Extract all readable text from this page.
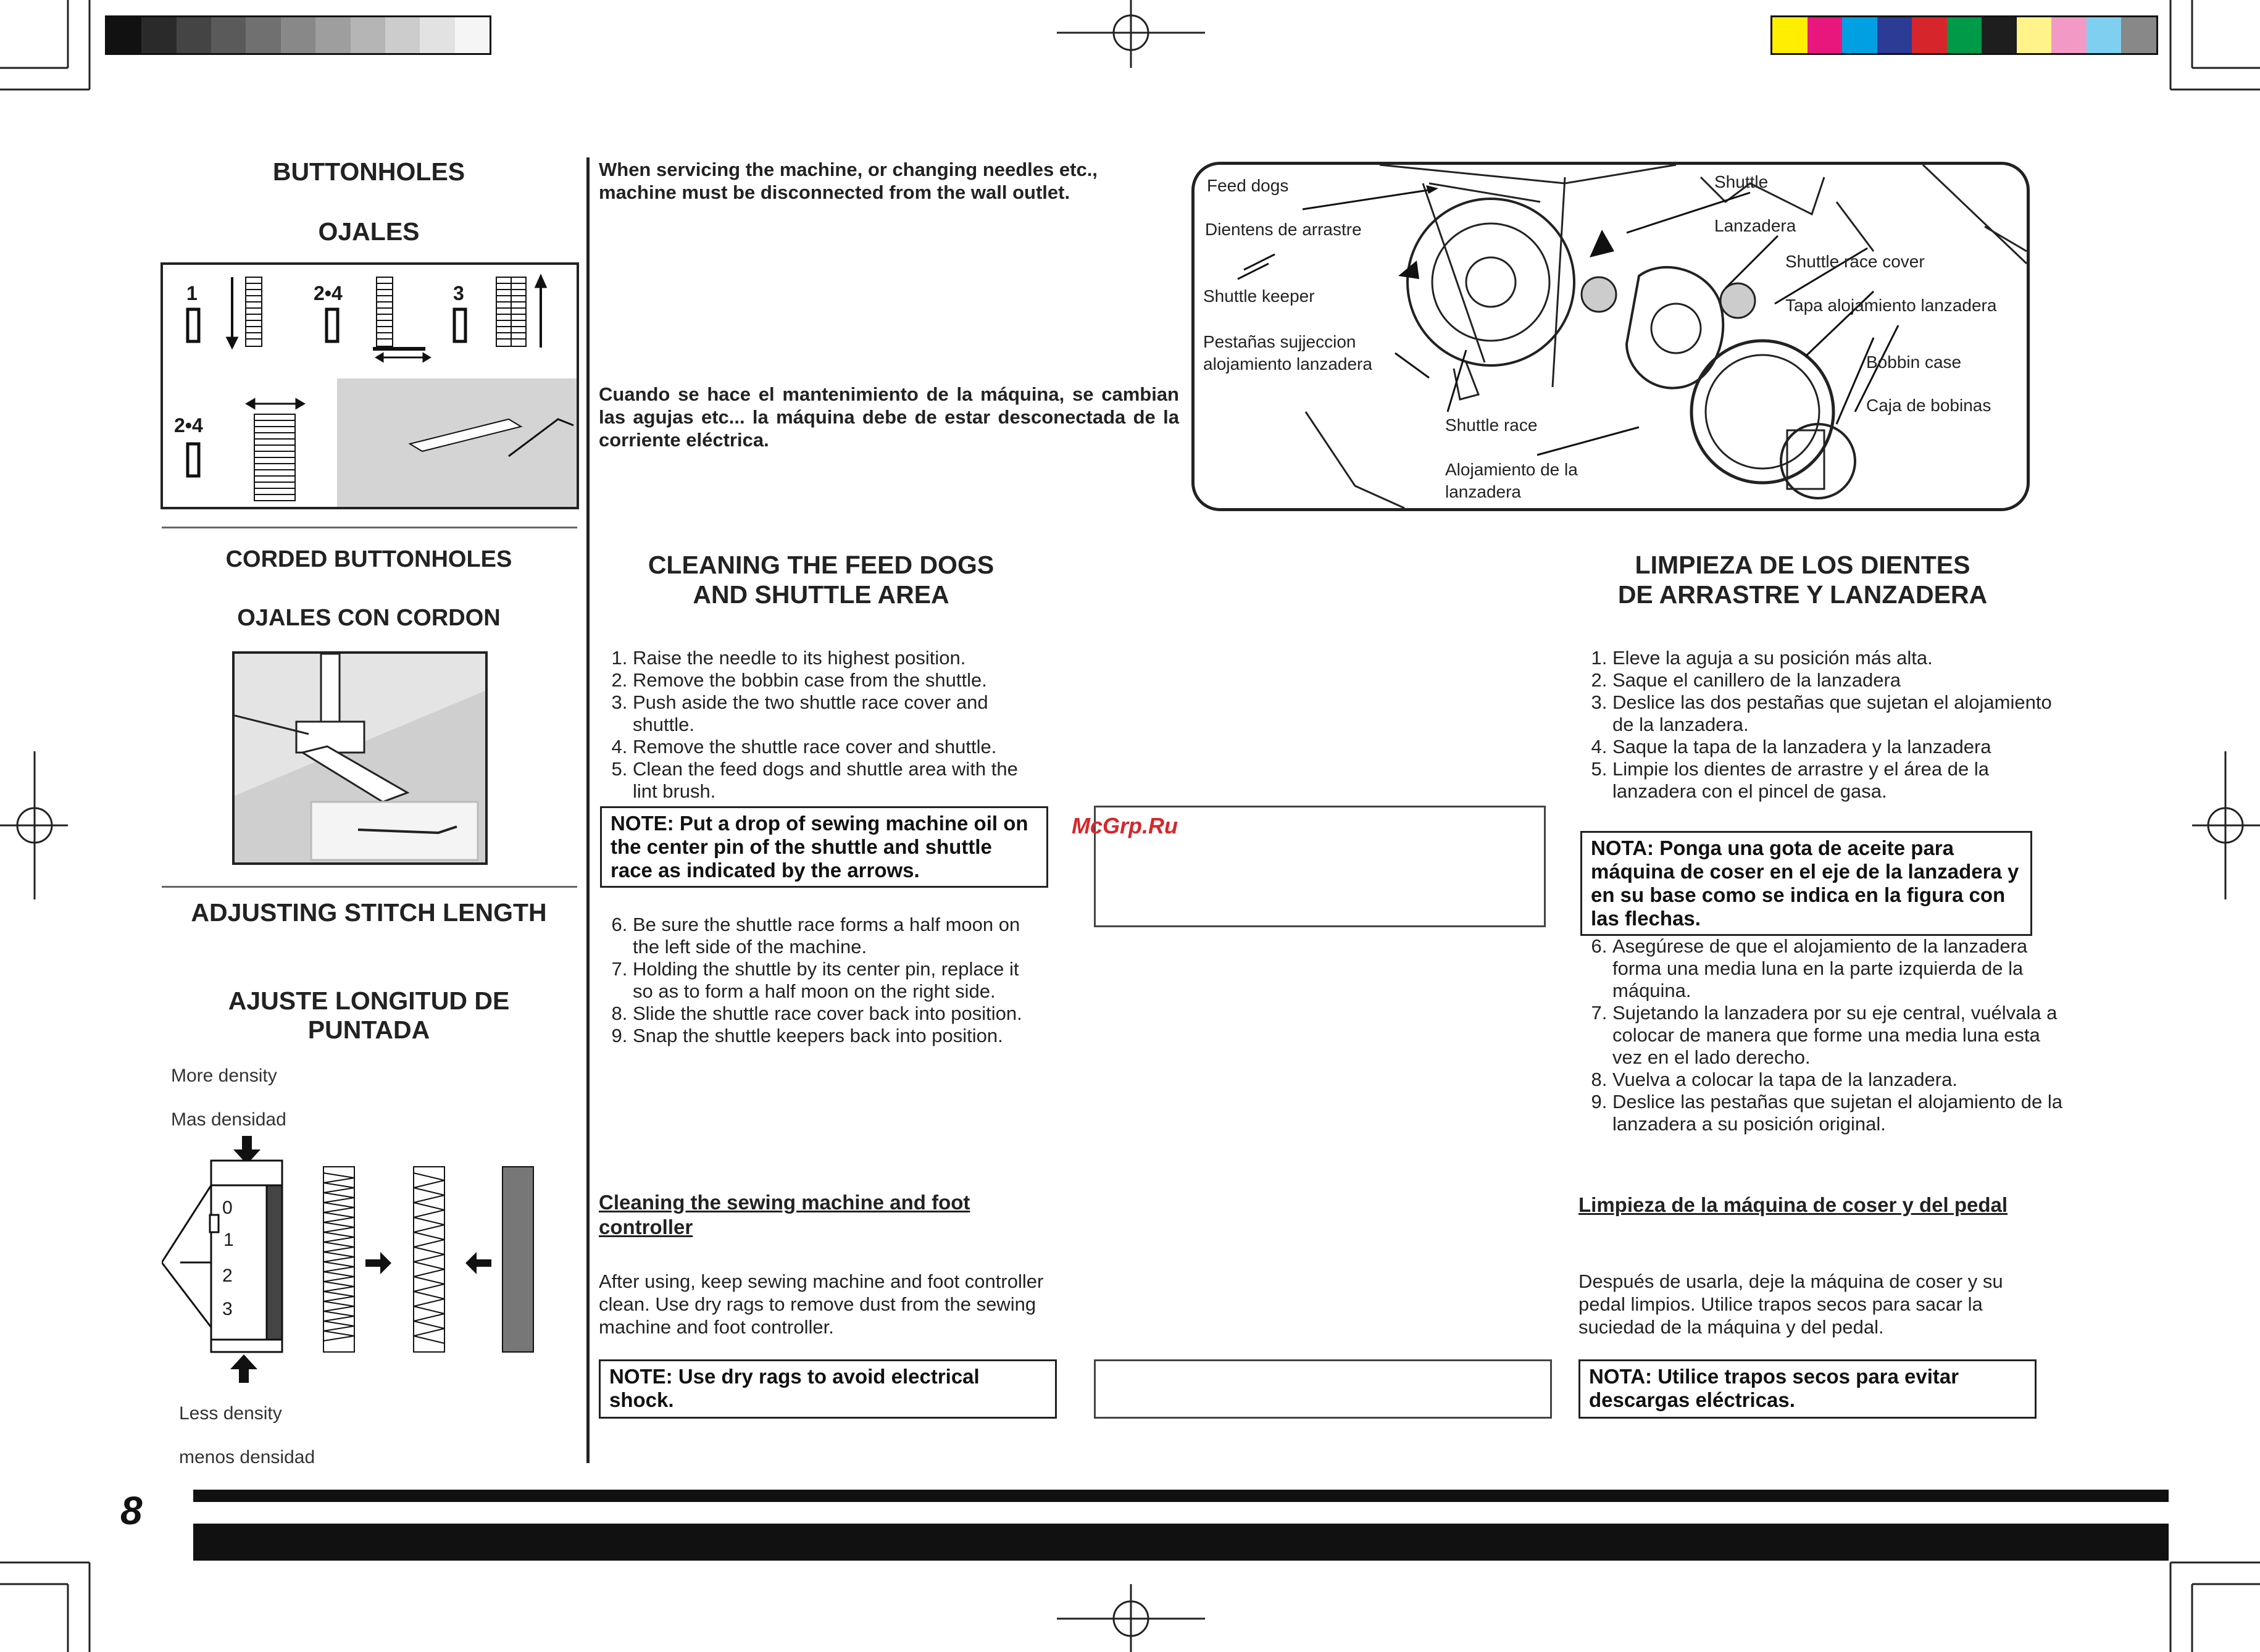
BUTTONHOLES
OJALES
1	2•4	3
2•4
CORDED BUTTONHOLES
OJALES CON CORDON
ADJUSTING STITCH LENGTH
AJUSTE LONGITUD DE
PUNTADA
More density
Mas densidad
0
1
2
3
Less density
menos densidad
When servicing the machine, or changing needles etc., machine must be disconnected from the wall outlet.
Cuando se hace el mantenimiento de la máquina, se cambian las agujas etc... la máquina debe de estar desconectada de la corriente eléctrica.
Feed dogs
Dientens de arrastre
Shuttle keeper
Pestañas sujjeccion
alojamiento lanzadera
Shuttle
Lanzadera
Shuttle race cover
Tapa alojamiento lanzadera
Bobbin case
Caja de bobinas
Shuttle race
Alojamiento de la
lanzadera
CLEANING THE FEED DOGS
AND SHUTTLE AREA
1. Raise the needle to its highest position.
2. Remove the bobbin case from the shuttle.
3. Push aside the two shuttle race cover and shuttle.
4. Remove the shuttle race cover and shuttle.
5. Clean the feed dogs and shuttle area with the lint brush.
NOTE: Put a drop of sewing machine oil on the center pin of the shuttle and shuttle race as indicated by the arrows.
6. Be sure the shuttle race forms a half moon on the left side of the machine.
7. Holding the shuttle by its center pin, replace it so as to form a half moon on the right side.
8. Slide the shuttle race cover back into position.
9. Snap the shuttle keepers back into position.
Cleaning the sewing machine and foot controller
After using, keep sewing machine and foot controller clean. Use dry rags to remove dust from the sewing machine and foot controller.
NOTE: Use dry rags to avoid electrical shock.
McGrp.Ru
LIMPIEZA DE LOS DIENTES
DE ARRASTRE Y LANZADERA
1. Eleve la aguja a su posición más alta.
2. Saque el canillero de la lanzadera
3. Deslice las dos pestañas que sujetan el alojamiento de la lanzadera.
4. Saque la tapa de la lanzadera y la lanzadera
5. Limpie los dientes de arrastre y el área de la lanzadera con el pincel de gasa.
NOTA: Ponga una gota de aceite para máquina de coser en el eje de la lanzadera y en su base como se indica en la figura con las flechas.
6. Asegúrese de que el alojamiento de la lanzadera forma una media luna en la parte izquierda de la máquina.
7. Sujetando la lanzadera por su eje central, vuélvala a colocar de manera que forme una media luna esta vez en el lado derecho.
8. Vuelva a colocar la tapa de la lanzadera.
9. Deslice las pestañas que sujetan el alojamiento de la lanzadera a su posición original.
Limpieza de la máquina de coser y del pedal
Después de usarla, deje la máquina de coser y su pedal limpios. Utilice trapos secos para sacar la suciedad de la máquina y del pedal.
NOTA: Utilice trapos secos para evitar descargas eléctricas.
8
